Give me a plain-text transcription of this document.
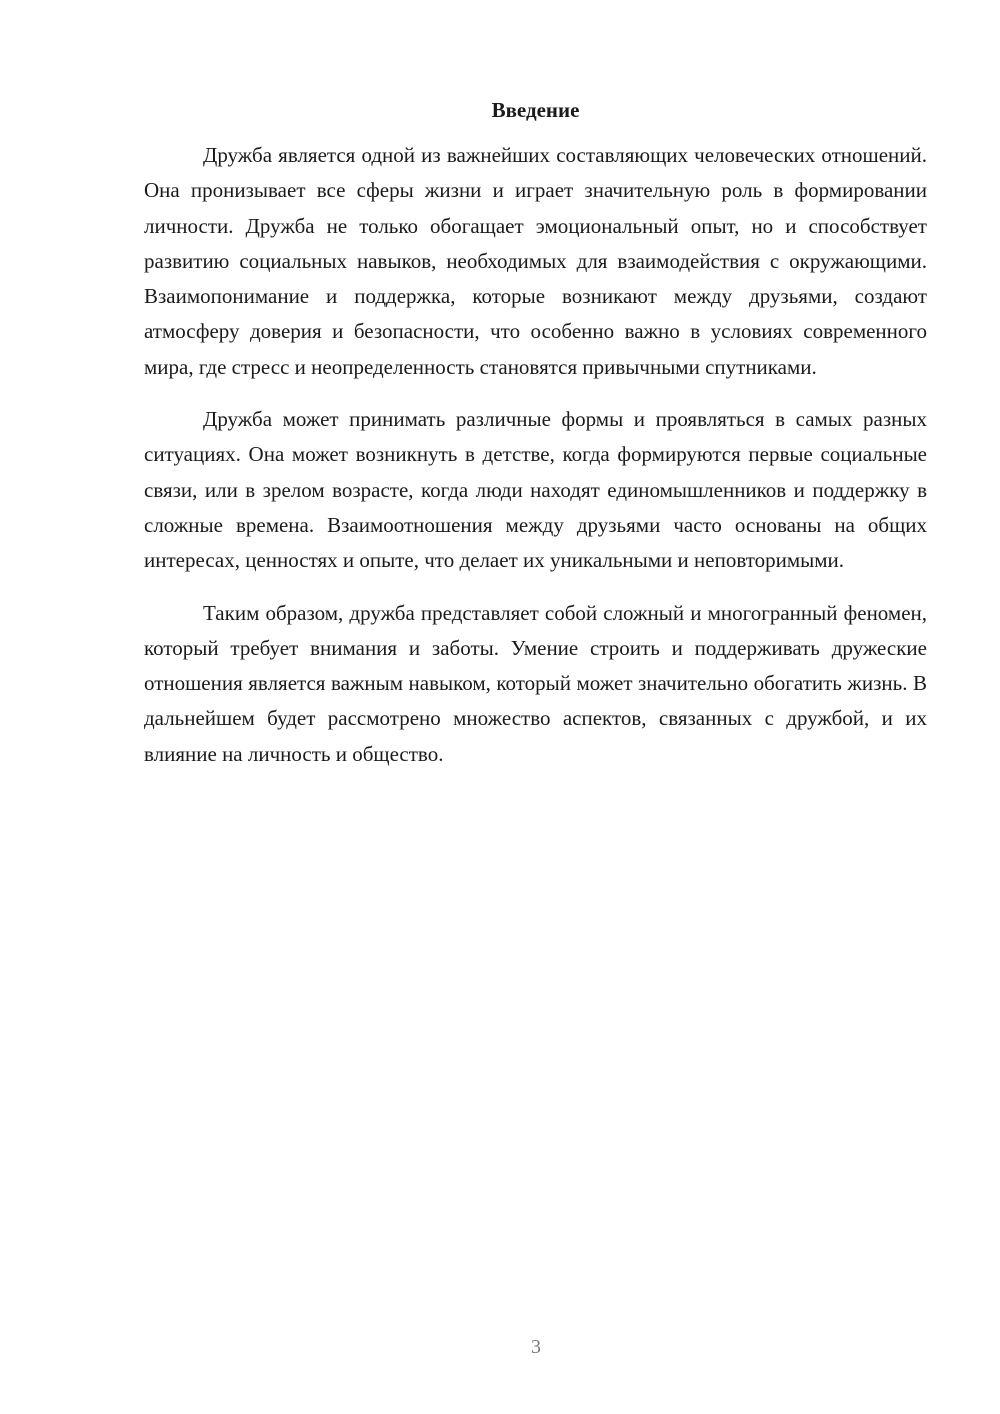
Введение

Дружба является одной из важнейших составляющих человеческих отношений. Она пронизывает все сферы жизни и играет значительную роль в формировании личности. Дружба не только обогащает эмоциональный опыт, но и способствует развитию социальных навыков, необходимых для взаимодействия с окружающими. Взаимопонимание и поддержка, которые возникают между друзьями, создают атмосферу доверия и безопасности, что особенно важно в условиях современного мира, где стресс и неопределенность становятся привычными спутниками.

Дружба может принимать различные формы и проявляться в самых разных ситуациях. Она может возникнуть в детстве, когда формируются первые социальные связи, или в зрелом возрасте, когда люди находят единомышленников и поддержку в сложные времена. Взаимоотношения между друзьями часто основаны на общих интересах, ценностях и опыте, что делает их уникальными и неповторимыми.

Таким образом, дружба представляет собой сложный и многогранный феномен, который требует внимания и заботы. Умение строить и поддерживать дружеские отношения является важным навыком, который может значительно обогатить жизнь. В дальнейшем будет рассмотрено множество аспектов, связанных с дружбой, и их влияние на личность и общество.

3
